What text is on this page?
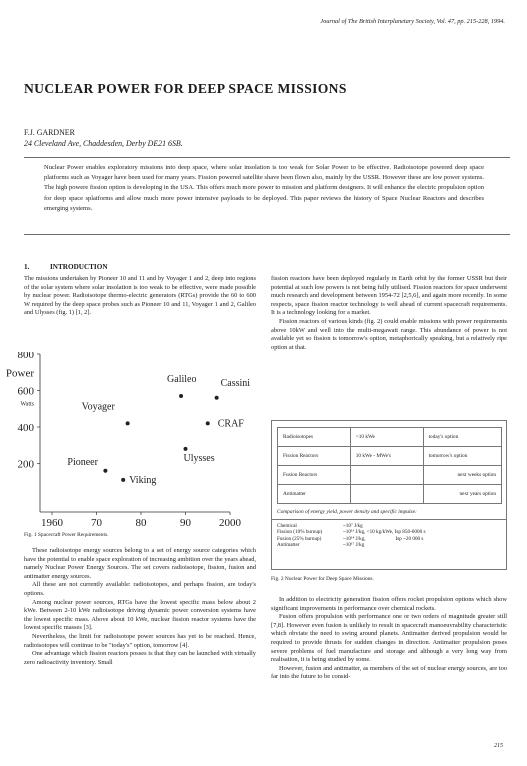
Journal of The British Interplanetary Society, Vol. 47, pp. 215-228, 1994.
NUCLEAR POWER FOR DEEP SPACE MISSIONS
F.J. GARDNER
24 Cleveland Ave, Chaddesden, Derby DE21 6SB.
Nuclear Power enables exploratory missions into deep space, where solar insolation is too weak for Solar Power to be effective. Radioisotope powered deep space platforms such as Voyager have been used for many years. Fission powered satellite shave been flown also, mainly by the USSR. However these are low power systems. The high powere fission option is developing in the USA. This offers much more power to mission and platform designers. It will enhance the electric propulsion option for deep space splatforms and allow much more power intensive payloads to be deployed. This paper reviews the history of Space Nuclear Reactors and describes emerging systems.
1.	INTRODUCTION

The missions undertaken by Pioneer 10 and 11 and by Voyager 1 and 2, deep into regions of the solar system where solar insolation is too weak to be effective, were made possible by nuclear power. Radioisotope thermo-electric generators (RTGs) provide the 60 to 600 W required by the deep space probes such as Pioneer 10 and 11, Voyager 1 and 2, Galileo and Ulysses (fig. 1) [1, 2].

800
600
400
200
Power
Watts
1960	70	80	90	2000
Pioneer
Viking
Voyager
Galileo Cassini
CRAF
Ulysses
Fig. 1 Spacecraft Power Requirements.

These radioisotope energy sources belong to a set of energy source categories which have the potential to enable space exploration of increasing ambition over the years ahead, namely Nuclear Power Energy Sources. The set covers radioisotope, fission, fusion and antimatter energy sources.

All these are not currently available: radioisotopes, and perhaps fission, are today's options.

Among nuclear power sources, RTGs have the lowest specific mass below about 2 kWe. Between 2-10 kWe radioisotope driving dynamic power conversion systems have the lowest specific mass. Above about 10 kWe, nuclear fission reactor systems have the lowest specific masses [3].

Nevertheless, the limit for radioisotope power sources has yet to be reached. Hence, radioisotopes will continue to be "today's" option, tomorrow [4].

One advantage which fission reactors posses is that they can be launched with virtually zero radioactivity inventory. Small

fission reactors have been deployed regularly in Earth orbit by the former USSR but their potential at such low powers is not being fully utilised. Fission reactors for space underwent much research and development between 1954-72 [2,5,6], and again more recently. In some respects, space fission reactor technology is well ahead of current spacecraft requirements. It is a technology looking for a market.

Fission reactors of various kinds (fig. 2) could enable missions with power requirements above 10kW and well into the multi-megawatt range. This abundance of power is not available yet so fission is tomorrow's option, metaphorically speaking, but a relatively ripe option at that.

Radioisotopes	<10 kWe	today's option
Fission Reactors	10 kWe - MWe's	tomorrow's option
Fusion Reactors		next weeks option
Antimatter		next years option
Comparison of energy yield, power density and specific impulse:
Chemical	~10⁷ J/kg
Fission (10% burnup)	~10¹³ J/kg, <10 kg/kWe, Isp 850-6000 s
Fusion (25% burnup)	~10¹⁴ J/kg,                       Isp ~20 000 s
Antimatter	~10¹⁷ J/kg
Fig. 2 Nuclear Power for Deep Space Missions.

In addition to electricity generation fission offers rocket propulsion options which show significant improvements in performance over chemical rockets.

Fusion offers propulsion with performance one or two orders of magnitude greater still [7,8]. However even fusion is unlikely to result in spacecraft manoeuvrability characteristic which obviate the need to swing around planets. Antimatter derived propulsion would be required to provide thrusts for sudden changes in direction. Antimatter propulsion poses severe problems of fuel manufacture and storage and although a very long way from realisation, it is being studied by some.

However, fusion and antimatter, as members of the set of nuclear energy sources, are too far into the future to be consid-

215
